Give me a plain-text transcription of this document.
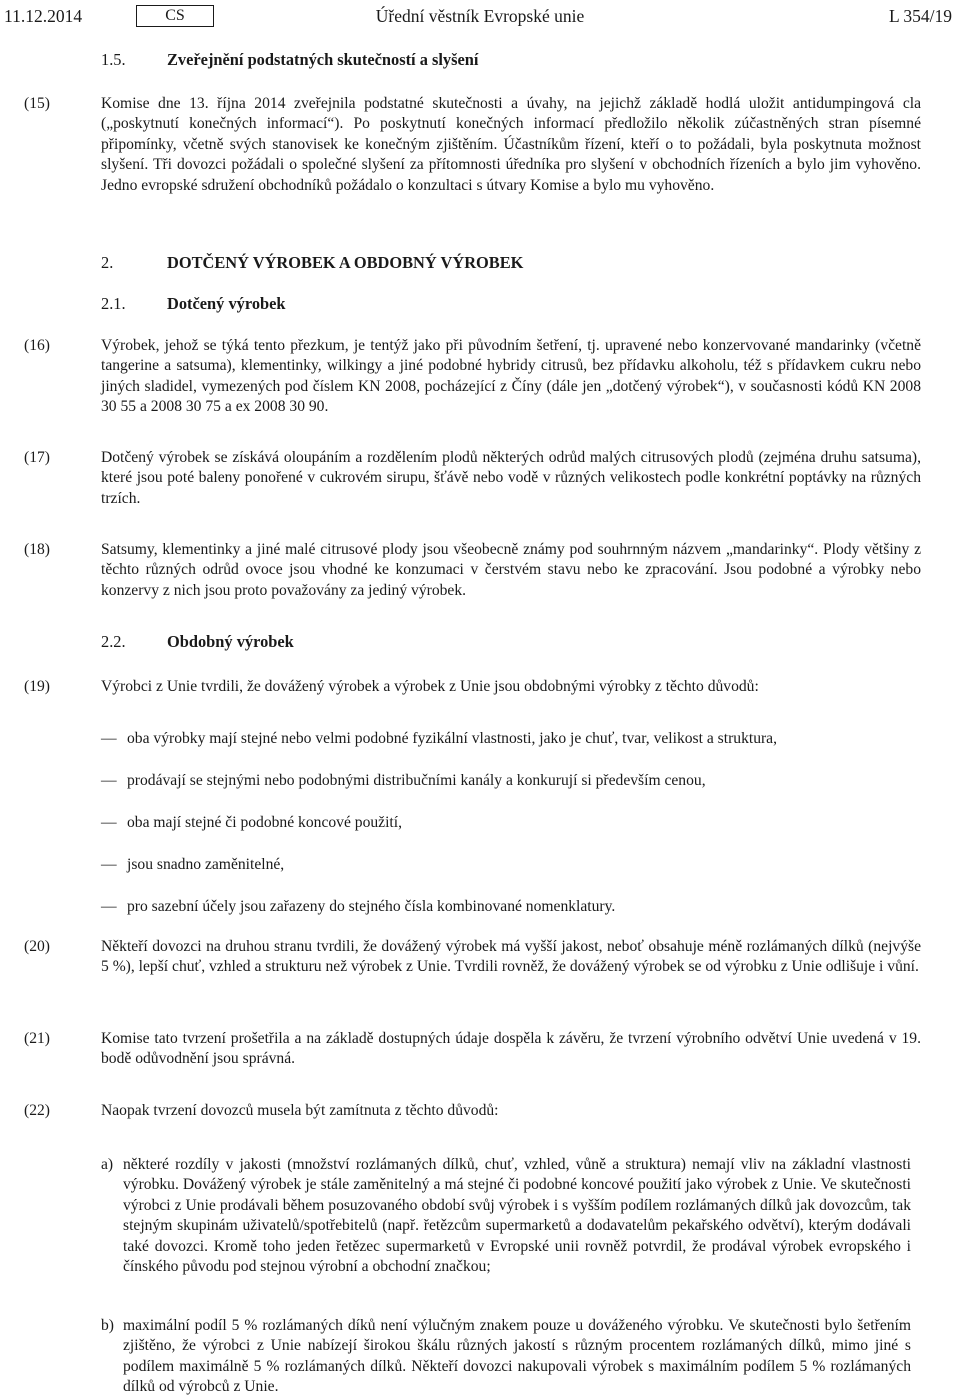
11.12.2014	CS	Úřední věstník Evropské unie	L 354/19
1.5.	Zveřejnění podstatných skutečností a slyšení
(15)	Komise dne 13. října 2014 zveřejnila podstatné skutečnosti a úvahy, na jejichž základě hodlá uložit antidumpingová cla („poskytnutí konečných informací“). Po poskytnutí konečných informací předložilo několik zúčastněných stran písemné připomínky, včetně svých stanovisek ke konečným zjištěním. Účastníkům řízení, kteří o to požádali, byla poskytnuta možnost slyšení. Tři dovozci požádali o společné slyšení za přítomnosti úředníka pro slyšení v obchodních řízeních a bylo jim vyhověno. Jedno evropské sdružení obchodníků požádalo o konzultaci s útvary Komise a bylo mu vyhověno.
2.	DOTČENÝ VÝROBEK A OBDOBNÝ VÝROBEK
2.1.	Dotčený výrobek
(16)	Výrobek, jehož se týká tento přezkum, je tentýž jako při původním šetření, tj. upravené nebo konzervované mandarinky (včetně tangerine a satsuma), klementinky, wilkingy a jiné podobné hybridy citrusů, bez přídavku alkoholu, též s přídavkem cukru nebo jiných sladidel, vymezených pod číslem KN 2008, pocházející z Číny (dále jen „dotčený výrobek“), v současnosti kódů KN 2008 30 55 a 2008 30 75 a ex 2008 30 90.
(17)	Dotčený výrobek se získává oloupáním a rozdělením plodů některých odrůd malých citrusových plodů (zejména druhu satsuma), které jsou poté baleny ponořené v cukrovém sirupu, šťávě nebo vodě v různých velikostech podle konkrétní poptávky na různých trzích.
(18)	Satsumy, klementinky a jiné malé citrusové plody jsou všeobecně známy pod souhrnným názvem „mandarinky“. Plody většiny z těchto různých odrůd ovoce jsou vhodné ke konzumaci v čerstvém stavu nebo ke zpracování. Jsou podobné a výrobky nebo konzervy z nich jsou proto považovány za jediný výrobek.
2.2.	Obdobný výrobek
(19)	Výrobci z Unie tvrdili, že dovážený výrobek a výrobek z Unie jsou obdobnými výrobky z těchto důvodů:
— oba výrobky mají stejné nebo velmi podobné fyzikální vlastnosti, jako je chuť, tvar, velikost a struktura,
— prodávají se stejnými nebo podobnými distribučními kanály a konkurují si především cenou,
— oba mají stejné či podobné koncové použití,
— jsou snadno zaměnitelné,
— pro sazební účely jsou zařazeny do stejného čísla kombinované nomenklatury.
(20)	Někteří dovozci na druhou stranu tvrdili, že dovážený výrobek má vyšší jakost, neboť obsahuje méně rozlámaných dílků (nejvýše 5 %), lepší chuť, vzhled a strukturu než výrobek z Unie. Tvrdili rovněž, že dovážený výrobek se od výrobku z Unie odlišuje i vůní.
(21)	Komise tato tvrzení prošetřila a na základě dostupných údaje dospěla k závěru, že tvrzení výrobního odvětví Unie uvedená v 19. bodě odůvodnění jsou správná.
(22)	Naopak tvrzení dovozců musela být zamítnuta z těchto důvodů:
a) některé rozdíly v jakosti (množství rozlámaných dílků, chuť, vzhled, vůně a struktura) nemají vliv na základní vlastnosti výrobku. Dovážený výrobek je stále zaměnitelný a má stejné či podobné koncové použití jako výrobek z Unie. Ve skutečnosti výrobci z Unie prodávali během posuzovaného období svůj výrobek i s vyšším podílem rozlámaných dílků jak dovozcům, tak stejným skupinám uživatelů/spotřebitelů (např. řetězcům supermarketů a dodavatelům pekařského odvětví), kterým dodávali také dovozci. Kromě toho jeden řetězec supermarketů v Evropské unii rovněž potvrdil, že prodával výrobek evropského i čínského původu pod stejnou výrobní a obchodní značkou;
b) maximální podíl 5 % rozlámaných díků není výlučným znakem pouze u dováženého výrobku. Ve skutečnosti bylo šetřením zjištěno, že výrobci z Unie nabízejí širokou škálu různých jakostí s různým procentem rozlámaných dílků, mimo jiné s podílem maximálně 5 % rozlámaných dílků. Někteří dovozci nakupovali výrobek s maximálním podílem 5 % rozlámaných dílků od výrobců z Unie.
